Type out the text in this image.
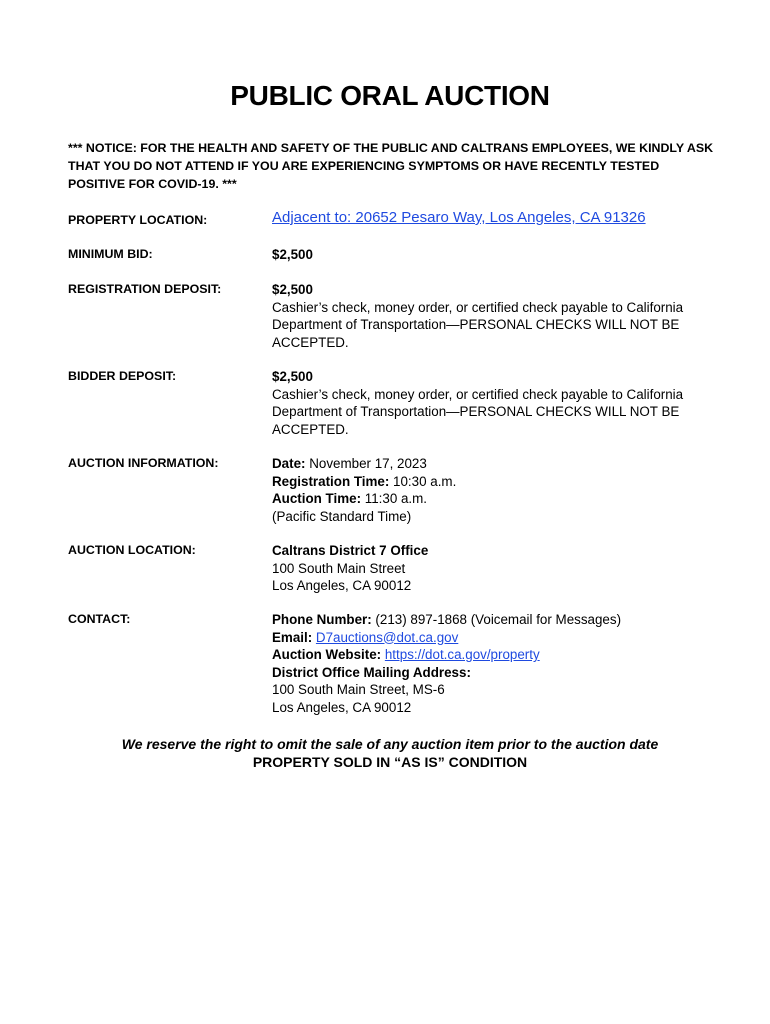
PUBLIC ORAL AUCTION
*** NOTICE: FOR THE HEALTH AND SAFETY OF THE PUBLIC AND CALTRANS EMPLOYEES, WE KINDLY ASK THAT YOU DO NOT ATTEND IF YOU ARE EXPERIENCING SYMPTOMS OR HAVE RECENTLY TESTED POSITIVE FOR COVID-19. ***
PROPERTY LOCATION:	Adjacent to: 20652 Pesaro Way, Los Angeles, CA 91326
MINIMUM BID:	$2,500
REGISTRATION DEPOSIT:	$2,500
Cashier’s check, money order, or certified check payable to California Department of Transportation—PERSONAL CHECKS WILL NOT BE ACCEPTED.
BIDDER DEPOSIT:	$2,500
Cashier’s check, money order, or certified check payable to California Department of Transportation—PERSONAL CHECKS WILL NOT BE ACCEPTED.
AUCTION INFORMATION:	Date: November 17, 2023
Registration Time: 10:30 a.m.
Auction Time: 11:30 a.m.
(Pacific Standard Time)
AUCTION LOCATION:	Caltrans District 7 Office
100 South Main Street
Los Angeles, CA 90012
CONTACT:	Phone Number: (213) 897-1868 (Voicemail for Messages)
Email: D7auctions@dot.ca.gov
Auction Website: https://dot.ca.gov/property
District Office Mailing Address:
100 South Main Street, MS-6
Los Angeles, CA 90012
We reserve the right to omit the sale of any auction item prior to the auction date
PROPERTY SOLD IN “AS IS” CONDITION
